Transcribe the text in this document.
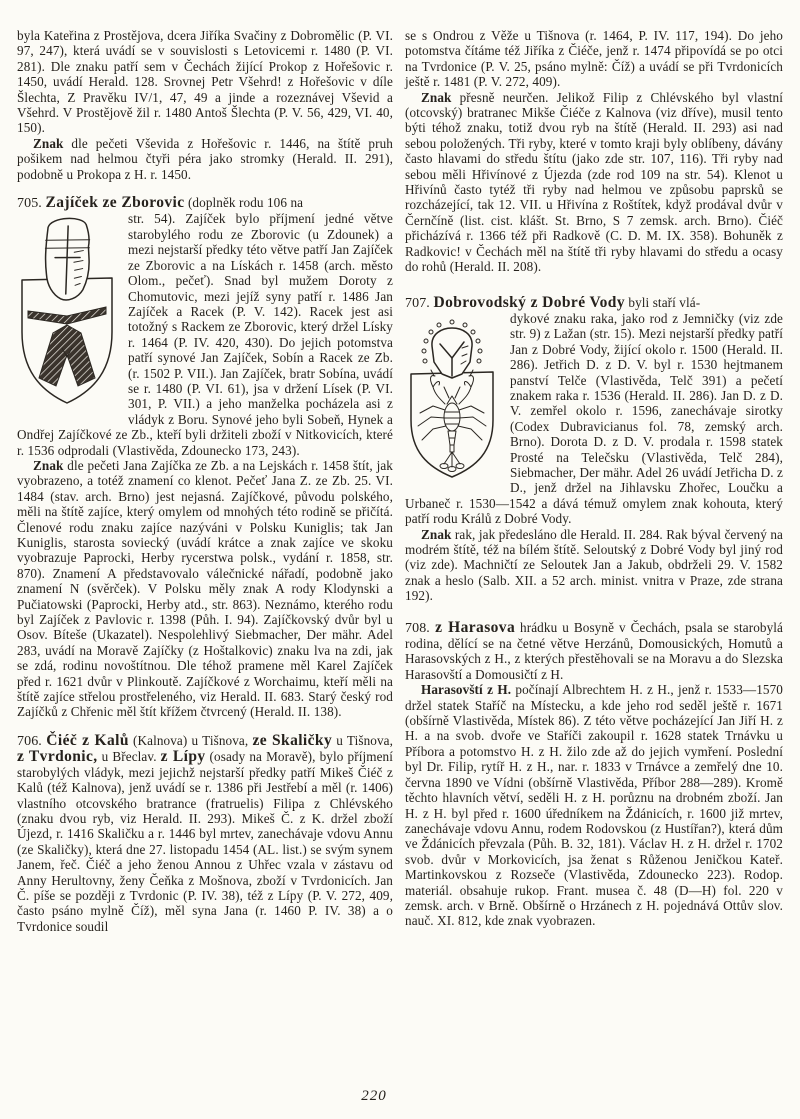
byla Kateřina z Prostějova, dcera Jiříka Svačiny z Dobromělic (P. VI. 97, 247), která uvádí se v souvislosti s Letovicemi r. 1480 (P. VI. 281). Dle znaku patří sem v Čechách žijící Prokop z Hořešovic r. 1450, uvádí Herald. 128. Srovnej Petr Všehrd! z Hořešovic v díle Šlechta, Z Pravěku IV/1, 47, 49 a jinde a rozeznávej Vševid a Všehrd. V Prostějově žil r. 1480 Antoš Šlechta (P. V. 56, 429, VI. 40, 150).

Znak dle pečeti Vševida z Hořešovic r. 1446, na štítě pruh pošikem nad helmou čtyři péra jako stromky (Herald. II. 291), podobně u Prokopa z H. r. 1450.

705. Zajíček ze Zborovic (doplněk rodu 106 na

str. 54). Zajíček bylo příjmení jedné větve starobylého rodu ze Zborovic (u Zdounek) a mezi nejstarší předky této větve patří Jan Zajíček ze Zborovic a na Lískách r. 1458 (arch. město Olom., pečeť). Snad byl mužem Doroty z Chomutovic, mezi jejíž syny patří r. 1486 Jan Zajíček a Racek (P. V. 142). Racek jest asi totožný s Rackem ze Zborovic, který držel Lísky r. 1464 (P. IV. 420, 430). Do jejich potomstva patří synové Jan Zajíček, Sobín a Racek ze Zb. (r. 1502 P. VII.). Jan Zajíček, bratr Sobína, uvádí se r. 1480 (P. VI. 61), jsa v držení Lísek (P. VI. 301, P. VII.) a jeho manželka pocházela asi z vládyk z Boru. Synové jeho byli Sobeň, Hynek a Ondřej Zajíčkové ze Zb., kteří byli držiteli zboží v Nitkovicích, které r. 1536 odprodali (Vlastivěda, Zdounecko 173, 243).

Znak dle pečeti Jana Zajíčka ze Zb. a na Lejskách r. 1458 štít, jak vyobrazeno, a totéž znamení co klenot. Pečeť Jana Z. ze Zb. 25. VI. 1484 (stav. arch. Brno) jest nejasná. Zajíčkové, původu polského, měli na štítě zajíce, který omylem od mnohých této rodině se přičítá. Členové rodu znaku zajíce nazýváni v Polsku Kuniglis; tak Jan Kuniglis, starosta soviecký (uvádí krátce a znak zajíce ve skoku vyobrazuje Paprocki, Herby rycerstwa polsk., vydání r. 1858, str. 870). Znamení A představovalo válečnické nářadí, podobně jako znamení N (svěrček). V Polsku měly znak A rody Klodynski a Pučiatowski (Paprocki, Herby atd., str. 863). Neznámo, kterého rodu byl Zajíček z Pavlovic r. 1398 (Půh. I. 94). Zajíčkovský dvůr byl u Osov. Bíteše (Ukazatel). Nespolehlivý Siebmacher, Der mähr. Adel 283, uvádí na Moravě Zajíčky (z Hoštalkovic) znaku lva na zdi, jak se zdá, rodinu novoštítnou. Dle téhož pramene měl Karel Zajíček před r. 1621 dvůr v Plinkoutě. Zajíčkové z Worchaimu, kteří měli na štítě zajíce střelou prostřeleného, viz Herald. II. 683. Starý český rod Zajíčků z Chřenic měl štít křížem čtvrcený (Herald. II. 138).

706. Čiéč z Kalů (Kalnova) u Tišnova, ze Skaličky u Tišnova, z Tvrdonic, u Břeclav. z Lípy (osady na Moravě), bylo příjmení starobylých vládyk, mezi jejichž nejstarší předky patří Mikeš Čiéč z Kalů (též Kalnova), jenž uvádí se r. 1386 při Jestřebí a měl (r. 1406) vlastního otcovského bratrance (fratruelis) Filipa z Chlévského (znaku dvou ryb, viz Herald. II. 293). Mikeš Č. z K. držel zboží Újezd, r. 1416 Skaličku a r. 1446 byl mrtev, zanechávaje vdovu Annu (ze Skaličky), která dne 27. listopadu 1454 (AL. list.) se svým synem Janem, řeč. Čiéč a jeho ženou Annou z Uhřec vzala v zástavu od Anny Herultovny, ženy Čeňka z Mošnova, zboží v Tvrdonicích. Jan Č. píše se později z Tvrdonic (P. IV. 38), též z Lípy (P. V. 272, 409, často psáno mylně Číž), měl syna Jana (r. 1460 P. IV. 38) a o Tvrdonice soudil

se s Ondrou z Věže u Tišnova (r. 1464, P. IV. 117, 194). Do jeho potomstva čítáme též Jiříka z Čiéče, jenž r. 1474 připovídá se po otci na Tvrdonice (P. V. 25, psáno mylně: Číž) a uvádí se při Tvrdonicích ještě r. 1481 (P. V. 272, 409).

Znak přesně neurčen. Jelikož Filip z Chlévského byl vlastní (otcovský) bratranec Mikše Čiéče z Kalnova (viz dříve), musil tento býti téhož znaku, totiž dvou ryb na štítě (Herald. II. 293) asi nad sebou položených. Tři ryby, které v tomto kraji byly oblíbeny, dávány často hlavami do středu štítu (jako zde str. 107, 116). Tři ryby nad sebou měli Hřivínové z Újezda (zde rod 109 na str. 54). Klenot u Hřivínů často tytéž tři ryby nad helmou ve způsobu paprsků se rozcházející, tak 12. VII. u Hřivína z Roštítek, když prodával dvůr v Černčíně (list. cist. klášt. St. Brno, S 7 zemsk. arch. Brno). Čiéč přicházívá r. 1366 též při Radkově (C. D. M. IX. 358). Bohuněk z Radkovic! v Čechách měl na štítě tři ryby hlavami do středu a ocasy do rohů (Herald. II. 208).

707. Dobrovodský z Dobré Vody byli staří vlá-

dykové znaku raka, jako rod z Jemničky (viz zde str. 9) z Lažan (str. 15). Mezi nejstarší předky patří Jan z Dobré Vody, žijící okolo r. 1500 (Herald. II. 286). Jetřich D. z D. V. byl r. 1530 hejtmanem panství Telče (Vlastivěda, Telč 391) a pečetí znakem raka r. 1536 (Herald. II. 286). Jan D. z D. V. zemřel okolo r. 1596, zanechávaje sirotky (Codex Dubravicianus fol. 78, zemský arch. Brno). Dorota D. z D. V. prodala r. 1598 statek Prosté na Telečsku (Vlastivěda, Telč 284), Siebmacher, Der mähr. Adel 26 uvádí Jetřicha D. z D., jenž držel na Jihlavsku Zhořec, Loučku a Urbaneč r. 1530—1542 a dává témuž omylem znak kohouta, který patří rodu Králů z Dobré Vody.

Znak rak, jak předesláno dle Herald. II. 284. Rak býval červený na modrém štítě, též na bílém štítě. Seloutský z Dobré Vody byl jiný rod (viz zde). Machničtí ze Seloutek Jan a Jakub, obdrželi 29. V. 1582 znak a heslo (Salb. XII. a 52 arch. minist. vnitra v Praze, zde strana 192).

708. z Harasova hrádku u Bosyně v Čechách, psala se starobylá rodina, dělící se na četné větve Herzánů, Domousických, Homutů a Harasovských z H., z kterých přestěhovali se na Moravu a do Slezska Harasovští a Domousičtí z H.

Harasovští z H. počínají Albrechtem H. z H., jenž r. 1533—1570 držel statek Staříč na Místecku, a kde jeho rod seděl ještě r. 1671 (obšírně Vlastivěda, Místek 86). Z této větve pocházející Jan Jiří H. z H. a na svob. dvoře ve Staříči zakoupil r. 1628 statek Trnávku u Příbora a potomstvo H. z H. žilo zde až do jejich vymření. Poslední byl Dr. Filip, rytíř H. z H., nar. r. 1833 v Trnávce a zemřelý dne 10. června 1890 ve Vídni (obšírně Vlastivěda, Příbor 288—289). Kromě těchto hlavních větví, seděli H. z H. porůznu na drobném zboží. Jan H. z H. byl před r. 1600 úředníkem na Ždánicích, r. 1600 již mrtev, zanechávaje vdovu Annu, rodem Rodovskou (z Hustířan?), která dům ve Ždánicích převzala (Půh. B. 32, 181). Václav H. z H. držel r. 1702 svob. dvůr v Morkovicích, jsa ženat s Růženou Jeničkou Kateř. Martinkovskou z Rozseče (Vlastivěda, Zdounecko 223). Rodop. materiál. obsahuje rukop. Frant. musea č. 48 (D—H) fol. 220 v zemsk. arch. v Brně. Obšírně o Hrzánech z H. pojednává Ottův slov. nauč. XI. 812, kde znak vyobrazen.

220
